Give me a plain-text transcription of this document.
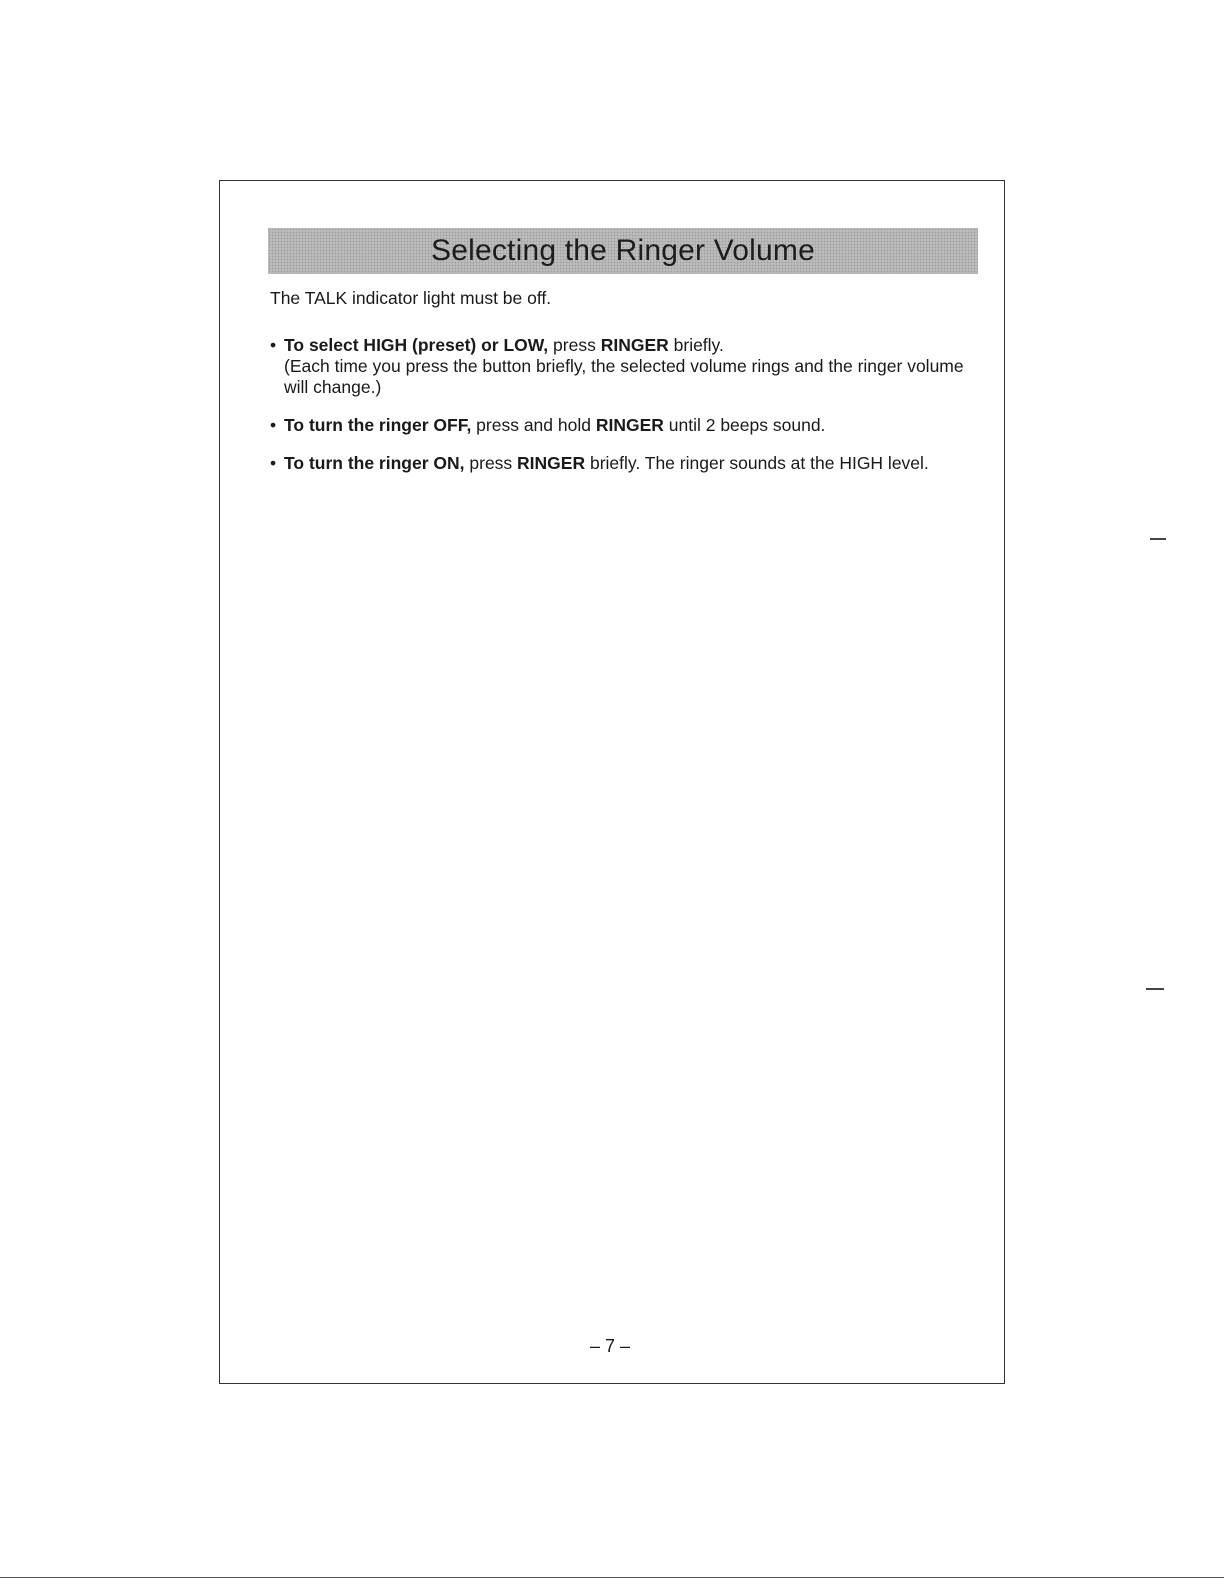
Selecting the Ringer Volume

The TALK indicator light must be off.

• To select HIGH (preset) or LOW, press RINGER briefly.
(Each time you press the button briefly, the selected volume rings and the ringer volume will change.)

• To turn the ringer OFF, press and hold RINGER until 2 beeps sound.

• To turn the ringer ON, press RINGER briefly. The ringer sounds at the HIGH level.

– 7 –
